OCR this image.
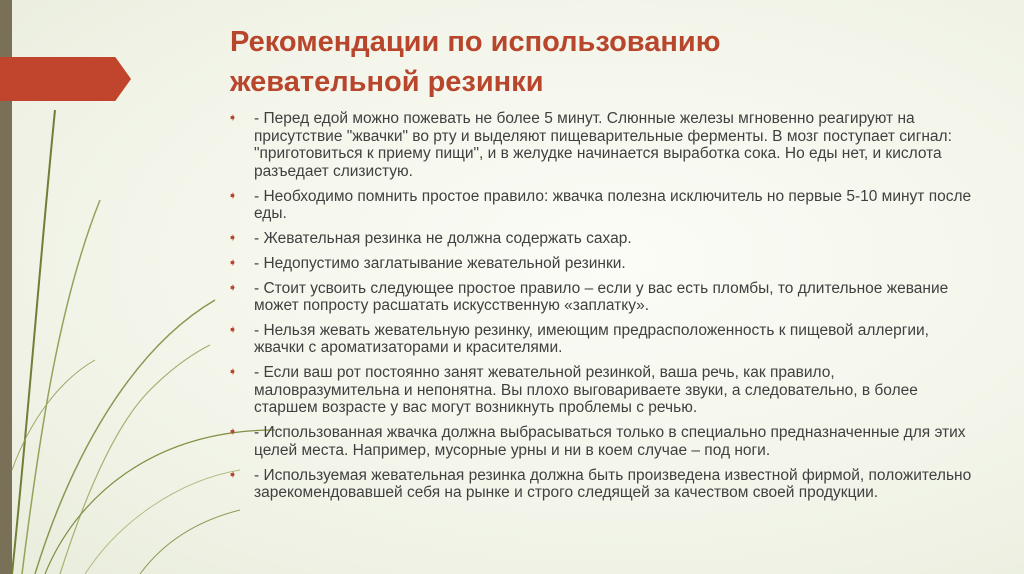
Рекомендации по использованию
жевательной резинки
➧ - Перед едой можно пожевать не более 5 минут. Слюнные железы мгновенно реагируют на присутствие "жвачки" во рту и выделяют пищеварительные ферменты. В мозг поступает сигнал: "приготовиться к приему пищи", и в желудке начинается выработка сока. Но еды нет, и кислота разъедает слизистую.
➧ - Необходимо помнить простое правило: жвачка полезна исключитель но первые 5-10 минут после еды.
➧ - Жевательная резинка не должна содержать сахар.
➧ - Недопустимо заглатывание жевательной резинки.
➧ - Стоит усвоить следующее простое правило – если у вас есть пломбы, то длительное жевание может попросту расшатать искусственную «заплатку».
➧ - Нельзя жевать жевательную резинку, имеющим предрасположенность к пищевой аллергии, жвачки с ароматизаторами и красителями.
➧ - Если ваш рот постоянно занят жевательной резинкой, ваша речь, как правило, маловразумительна и непонятна. Вы плохо выговариваете звуки, а следовательно, в более старшем возрасте у вас могут возникнуть проблемы с речью.
➧ - Использованная жвачка должна выбрасываться только в специально предназначенные для этих целей места. Например, мусорные урны и ни в коем случае – под ноги.
➧ - Используемая жевательная резинка должна быть произведена известной фирмой, положительно зарекомендовавшей себя на рынке и строго следящей за качеством своей продукции.
